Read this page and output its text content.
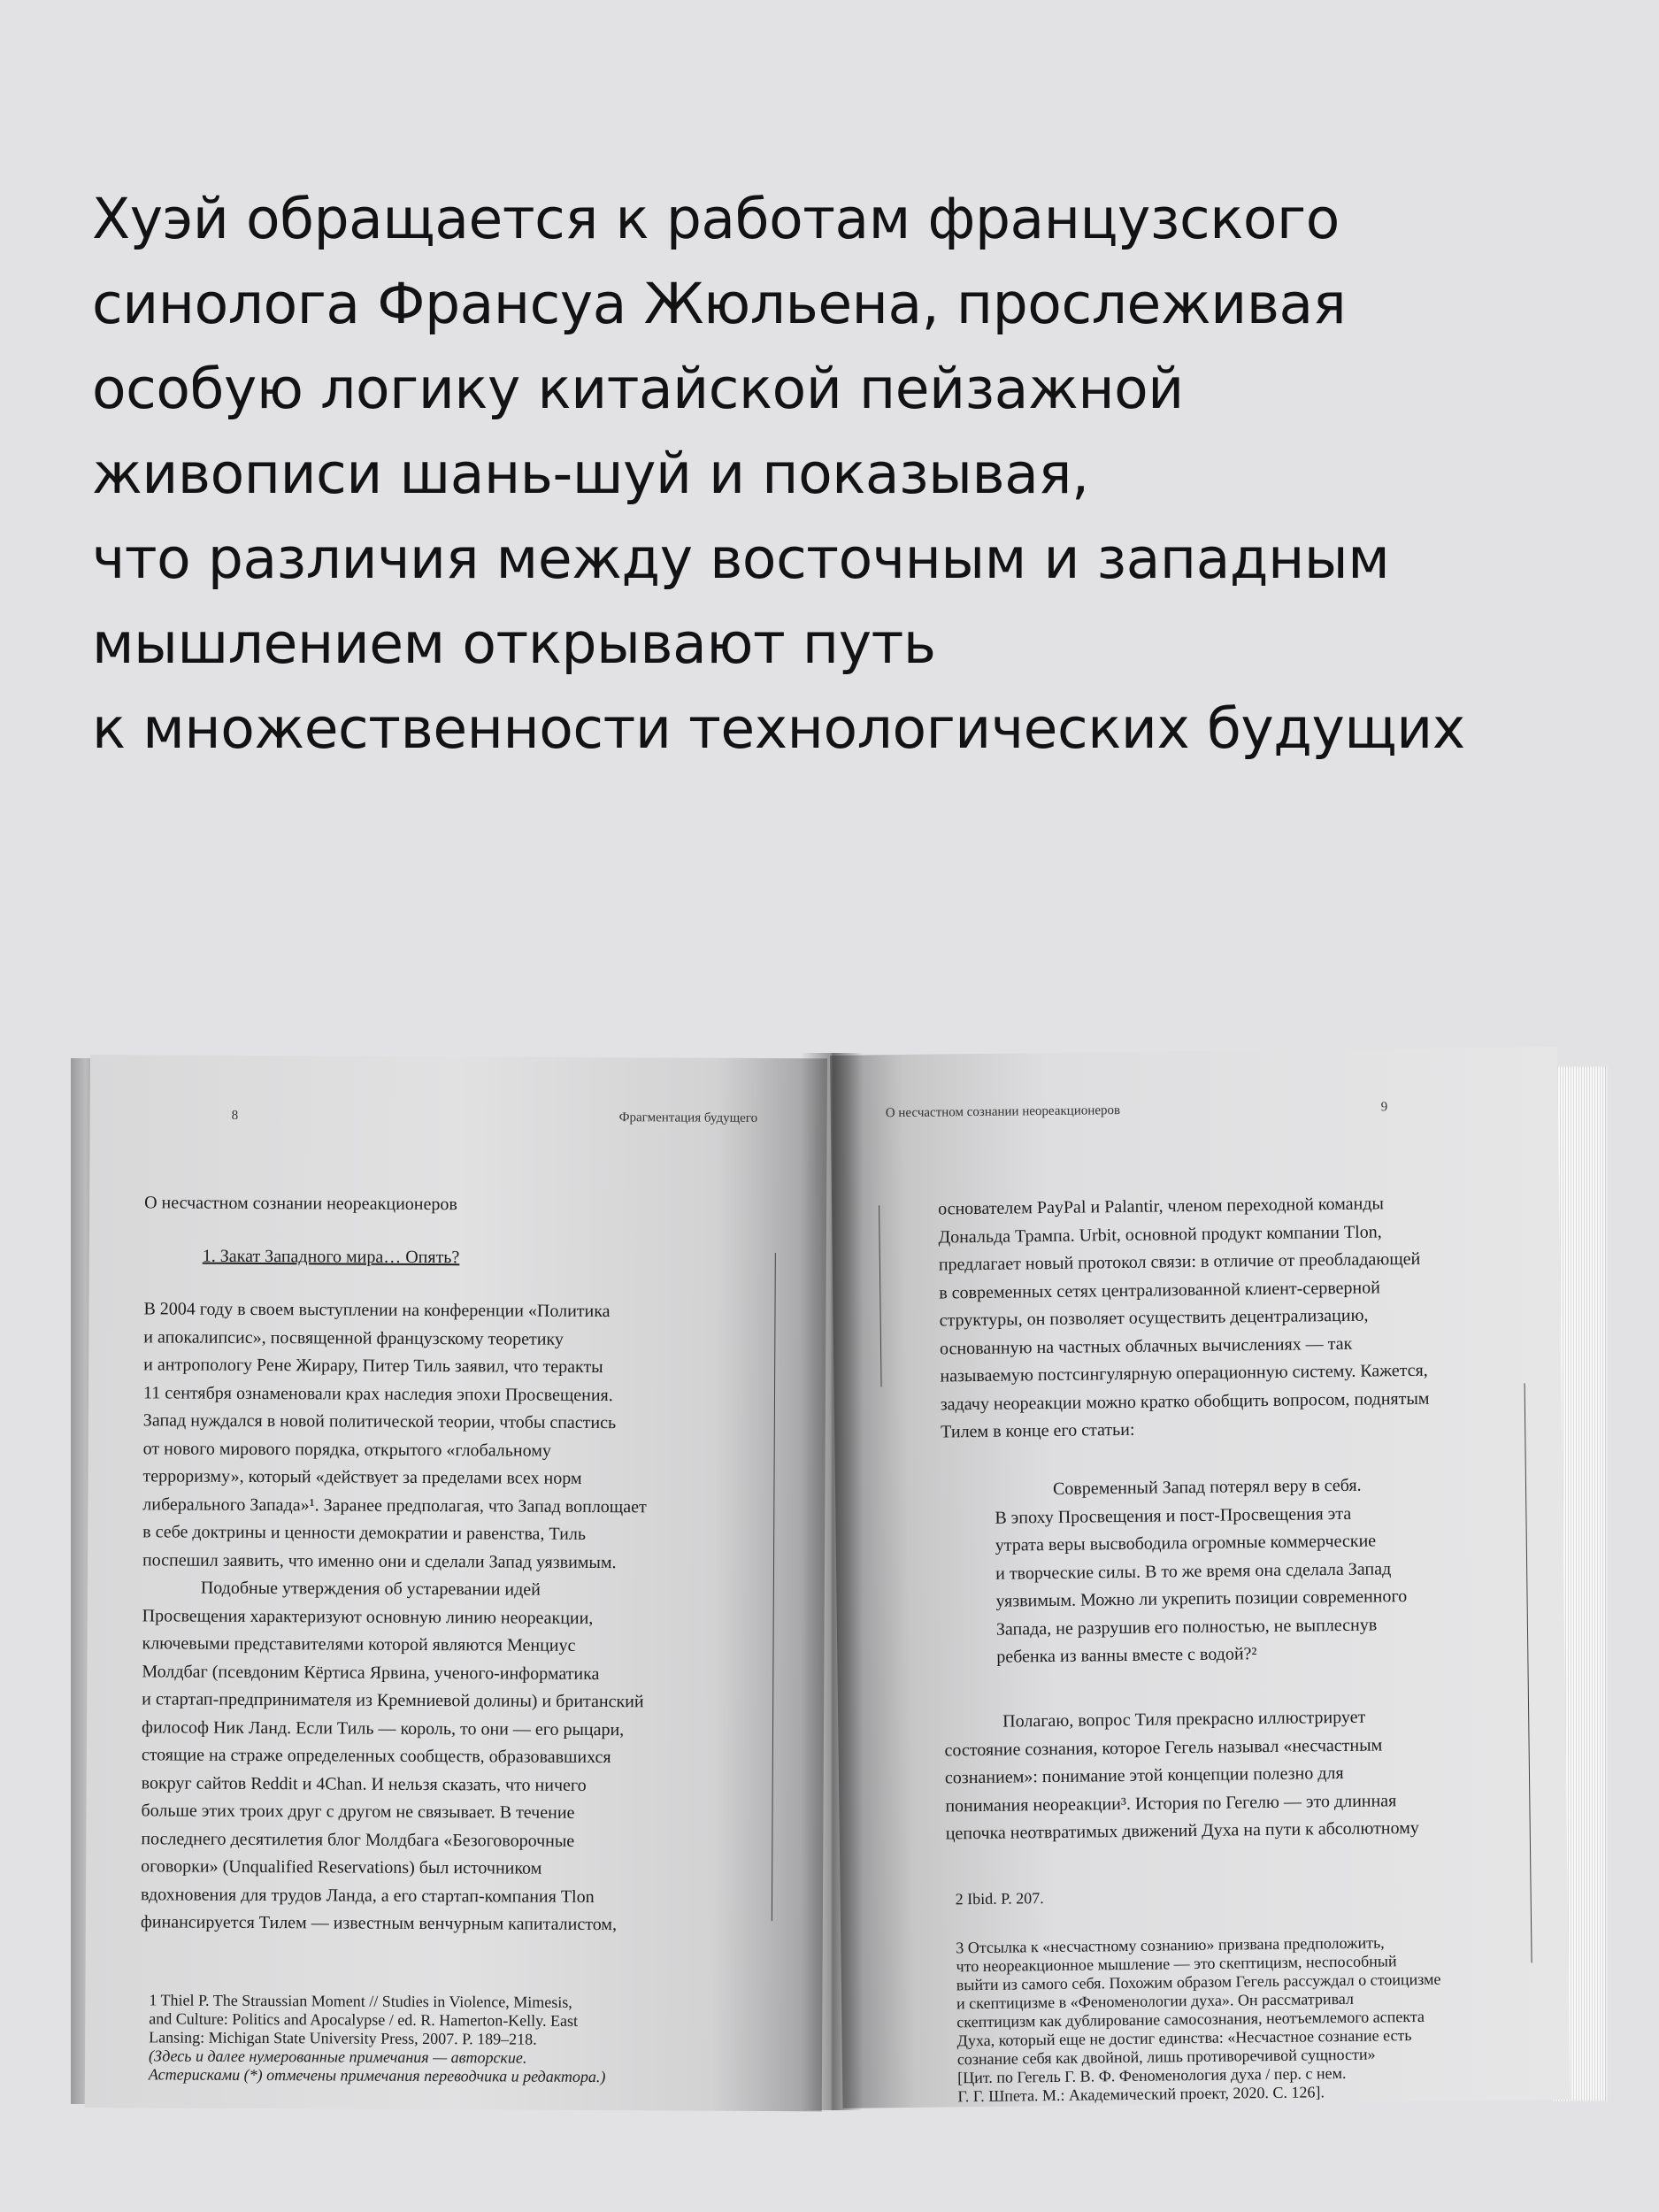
Хуэй обращается к работам французского
синолога Франсуа Жюльена, прослеживая
особую логику китайской пейзажной
живописи шань-шуй и показывая,
что различия между восточным и западным
мышлением открывают путь
к множественности технологических будущих
8	Фрагментация будущего
О несчастном сознании неореакционеров
1. Закат Западного мира… Опять?
В 2004 году в своем выступлении на конференции «Политика
и апокалипсис», посвященной французскому теоретику
и антропологу Рене Жирару, Питер Тиль заявил, что теракты
11 сентября ознаменовали крах наследия эпохи Просвещения.
Запад нуждался в новой политической теории, чтобы спастись
от нового мирового порядка, открытого «глобальному
терроризму», который «действует за пределами всех норм
либерального Запада»¹. Заранее предполагая, что Запад воплощает
в себе доктрины и ценности демократии и равенства, Тиль
поспешил заявить, что именно они и сделали Запад уязвимым.
Подобные утверждения об устаревании идей
Просвещения характеризуют основную линию неореакции,
ключевыми представителями которой являются Менциус
Молдбаг (псевдоним Кёртиса Ярвина, ученого-информатика
и стартап-предпринимателя из Кремниевой долины) и британский
философ Ник Ланд. Если Тиль — король, то они — его рыцари,
стоящие на страже определенных сообществ, образовавшихся
вокруг сайтов Reddit и 4Chan. И нельзя сказать, что ничего
больше этих троих друг с другом не связывает. В течение
последнего десятилетия блог Молдбага «Безоговорочные
оговорки» (Unqualified Reservations) был источником
вдохновения для трудов Ланда, а его стартап-компания Tlon
финансируется Тилем — известным венчурным капиталистом,
1 Thiel P. The Straussian Moment // Studies in Violence, Mimesis,
and Culture: Politics and Apocalypse / ed. R. Hamerton-Kelly. East
Lansing: Michigan State University Press, 2007. P. 189–218.
(Здесь и далее нумерованные примечания — авторские.
Астерисками (*) отмечены примечания переводчика и редактора.)
О несчастном сознании неореакционеров	9
основателем PayPal и Palantir, членом переходной команды
Дональда Трампа. Urbit, основной продукт компании Tlon,
предлагает новый протокол связи: в отличие от преобладающей
в современных сетях централизованной клиент-серверной
структуры, он позволяет осуществить децентрализацию,
основанную на частных облачных вычислениях — так
называемую постсингулярную операционную систему. Кажется,
задачу неореакции можно кратко обобщить вопросом, поднятым
Тилем в конце его статьи:
Современный Запад потерял веру в себя.
В эпоху Просвещения и пост-Просвещения эта
утрата веры высвободила огромные коммерческие
и творческие силы. В то же время она сделала Запад
уязвимым. Можно ли укрепить позиции современного
Запада, не разрушив его полностью, не выплеснув
ребенка из ванны вместе с водой?²
Полагаю, вопрос Тиля прекрасно иллюстрирует
состояние сознания, которое Гегель называл «несчастным
сознанием»: понимание этой концепции полезно для
понимания неореакции³. История по Гегелю — это длинная
цепочка неотвратимых движений Духа на пути к абсолютному
2 Ibid. P. 207.
3 Отсылка к «несчастному сознанию» призвана предположить,
что неореакционное мышление — это скептицизм, неспособный
выйти из самого себя. Похожим образом Гегель рассуждал о стоицизме
и скептицизме в «Феноменологии духа». Он рассматривал
скептицизм как дублирование самосознания, неотъемлемого аспекта
Духа, который еще не достиг единства: «Несчастное сознание есть
сознание себя как двойной, лишь противоречивой сущности»
[Цит. по Гегель Г. В. Ф. Феноменология духа / пер. с нем.
Г. Г. Шпета. М.: Академический проект, 2020. С. 126].
